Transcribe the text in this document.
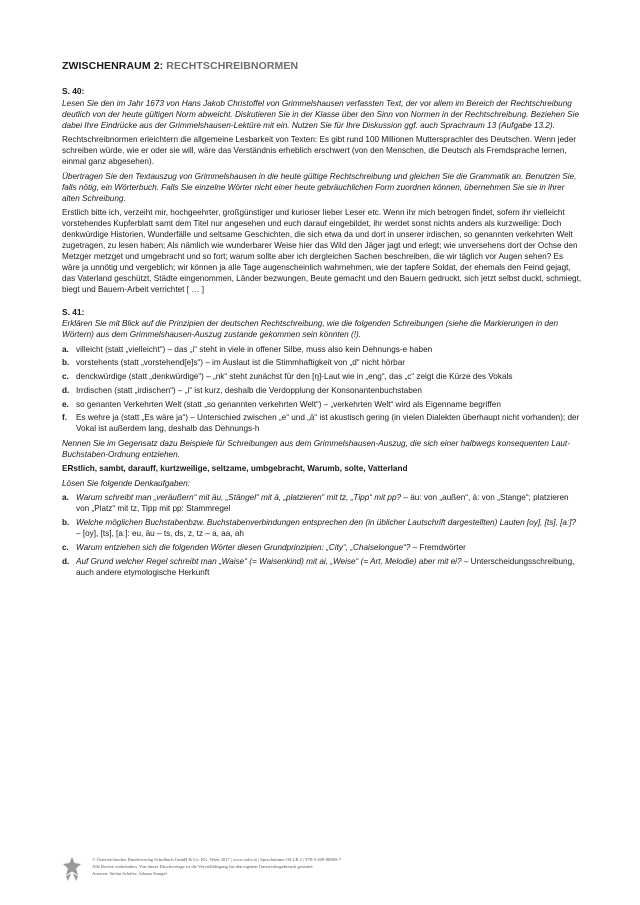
ZWISCHENRAUM 2: RECHTSCHREIBNORMEN
S. 40:

Lesen Sie den im Jahr 1673 von Hans Jakob Christoffel von Grimmelshausen verfassten Text, der vor allem im Bereich der Rechtschreibung deutlich von der heute gültigen Norm abweicht. Diskutieren Sie in der Klasse über den Sinn von Normen in der Rechtschreibung. Beziehen Sie dabei Ihre Eindrücke aus der Grimmelshausen-Lektüre mit ein. Nutzen Sie für Ihre Diskussion ggf. auch Sprachraum 13 (Aufgabe 13.2).

Rechtschreibnormen erleichtern die allgemeine Lesbarkeit von Texten: Es gibt rund 100 Millionen Muttersprachler des Deutschen. Wenn jeder schreiben würde, wie er oder sie will, wäre das Verständnis erheblich erschwert (von den Menschen, die Deutsch als Fremdsprache lernen, einmal ganz abgesehen).

Übertragen Sie den Textauszug von Grimmelshausen in die heute gültige Rechtschreibung und gleichen Sie die Grammatik an. Benutzen Sie, falls nötig, ein Wörterbuch. Falls Sie einzelne Wörter nicht einer heute gebräuchlichen Form zuordnen können, übernehmen Sie sie in ihrer alten Schreibung.

Erstlich bitte ich, verzeiht mir, hochgeehrter, großgünstiger und kurioser lieber Leser etc. Wenn ihr mich betrogen findet, sofern ihr vielleicht vorstehendes Kupferblatt samt dem Titel nur angesehen und euch darauf eingebildet, ihr werdet sonst nichts anders als kurzweilige: Doch denkwürdige Historien, Wunderfälle und seltsame Geschichten, die sich etwa da und dort in unserer irdischen, so genannten verkehrten Welt zugetragen, zu lesen haben; Als nämlich wie wunderbarer Weise hier das Wild den Jäger jagt und erlegt; wie unversehens dort der Ochse den Metzger metzget und umgebracht und so fort; warum sollte aber ich dergleichen Sachen beschreiben, die wir täglich vor Augen sehen? Es wäre ja unnötig und vergeblich; wir können ja alle Tage augenscheinlich wahrnehmen, wie der tapfere Soldat, der ehemals den Feind gejagt, das Vaterland geschützt, Städte eingenommen, Länder bezwungen, Beute gemacht und den Bauern gedruckt, sich jetzt selbst duckt, schmiegt, biegt und Bauern-Arbeit verrichtet [ … ]

S. 41:

Erklären Sie mit Blick auf die Prinzipien der deutschen Rechtschreibung, wie die folgenden Schreibungen (siehe die Markierungen in den Wörtern) aus dem Grimmelshausen-Auszug zustande gekommen sein könnten (!).

a. villeicht (statt „vielleicht“) – das „i“ steht in viele in offener Silbe, muss also kein Dehnungs-e haben
b. vorstehents (statt „vorstehend[e]s“) – im Auslaut ist die Stimmhaftigkeit von „d“ nicht hörbar
c. denckwürdige (statt „denkwürdige“) – „nk“ steht zunächst für den [ŋ]-Laut wie in „eng“, das „c“ zeigt die Kürze des Vokals
d. Irrdischen (statt „irdischen“) – „i“ ist kurz, deshalb die Verdopplung der Konsonantenbuchstaben
e. so genanten Verkehrten Welt (statt „so genannten verkehrten Welt“) – „verkehrten Welt“ wird als Eigenname begriffen
f. Es wehre ja (statt „Es wäre ja“) – Unterschied zwischen „e“ und „ä“ ist akustisch gering (in vielen Dialekten überhaupt nicht vorhanden); der Vokal ist außerdem lang, deshalb das Dehnungs-h

Nennen Sie im Gegensatz dazu Beispiele für Schreibungen aus dem Grimmelshausen-Auszug, die sich einer halbwegs konsequenten Laut-Buchstaben-Ordnung entziehen.

ERstlich, sambt, darauff, kurtzweilige, seltzame, umbgebracht, Warumb, solte, Vatterland

Lösen Sie folgende Denkaufgaben:

a. Warum schreibt man „veräußern“ mit äu, „Stängel“ mit ä, „platzieren“ mit tz, „Tipp“ mit pp? – äu: von „außen“, ä: von „Stange“; platzieren von „Platz“ mit tz, Tipp mit pp: Stammregel
b. Welche möglichen Buchstabenbzw. Buchstabenverbindungen entsprechen den (in üblicher Lautschrift dargestellten) Lauten [oy], [ts], [aː]? – [oy], [ts], [aː]: eu, äu – ts, ds, z, tz – a, aa, ah
c. Warum entziehen sich die folgenden Wörter diesen Grundprinzipien: „City“, „Chaiselongue“? – Fremdwörter
d. Auf Grund welcher Regel schreibt man „Waise“ (= Waisenkind) mit ai, „Weise“ (= Art, Melodie) aber mit ei? – Unterscheidungsschreibung, auch andere etymologische Herkunft
© Österreichischer Bundesverlag Schulbuch GmbH & Co. KG, Wien 2017 | www.oebv.at | Sprachräume OS LB 2 | 978-3-209-08869-7
Alle Rechte vorbehalten. Von dieser Druckvorlage ist die Vervielfältigung für den eigenen Unterrichtsgebrauch gestattet.
Autoren: Stefan Schäfer; Johann Stangel
